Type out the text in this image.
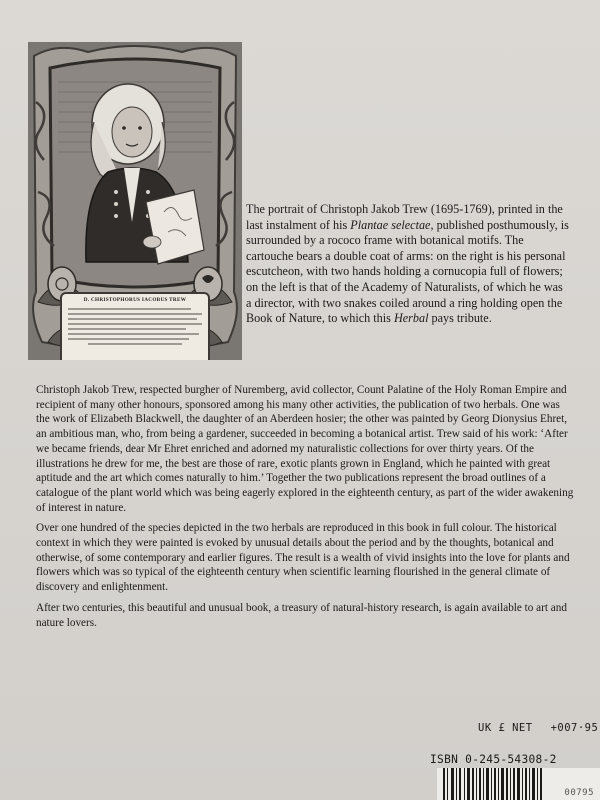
D. CHRISTOPHORUS IACOBUS TREW

The portrait of Christoph Jakob Trew (1695-1769), printed in the last instalment of his Plantae selectae, published posthumously, is surrounded by a rococo frame with botanical motifs. The cartouche bears a double coat of arms: on the right is his personal escutcheon, with two hands holding a cornucopia full of flowers; on the left is that of the Academy of Naturalists, of which he was a director, with two snakes coiled around a ring holding open the Book of Nature, to which this Herbal pays tribute.

Christoph Jakob Trew, respected burgher of Nuremberg, avid collector, Count Palatine of the Holy Roman Empire and recipient of many other honours, sponsored among his many other activities, the publication of two herbals. One was the work of Elizabeth Blackwell, the daughter of an Aberdeen hosier; the other was painted by Georg Dionysius Ehret, an ambitious man, who, from being a gardener, succeeded in becoming a botanical artist. Trew said of his work: ‘After we became friends, dear Mr Ehret enriched and adorned my naturalistic collections for over thirty years. Of the illustrations he drew for me, the best are those of rare, exotic plants grown in England, which he painted with great aptitude and the art which comes naturally to him.’ Together the two publications represent the broad outlines of a catalogue of the plant world which was being eagerly explored in the eighteenth century, as part of the wider awakening of interest in nature.

Over one hundred of the species depicted in the two herbals are reproduced in this book in full colour. The historical context in which they were painted is evoked by unusual details about the period and by the thoughts, botanical and otherwise, of some contemporary and earlier figures. The result is a wealth of vivid insights into the love for plants and flowers which was so typical of the eighteenth century when scientific learning flourished in the general climate of discovery and enlightenment.

After two centuries, this beautiful and unusual book, a treasury of natural-history research, is again available to art and nature lovers.

UK £ NET +007·95
ISBN 0-245-54308-2
00795
